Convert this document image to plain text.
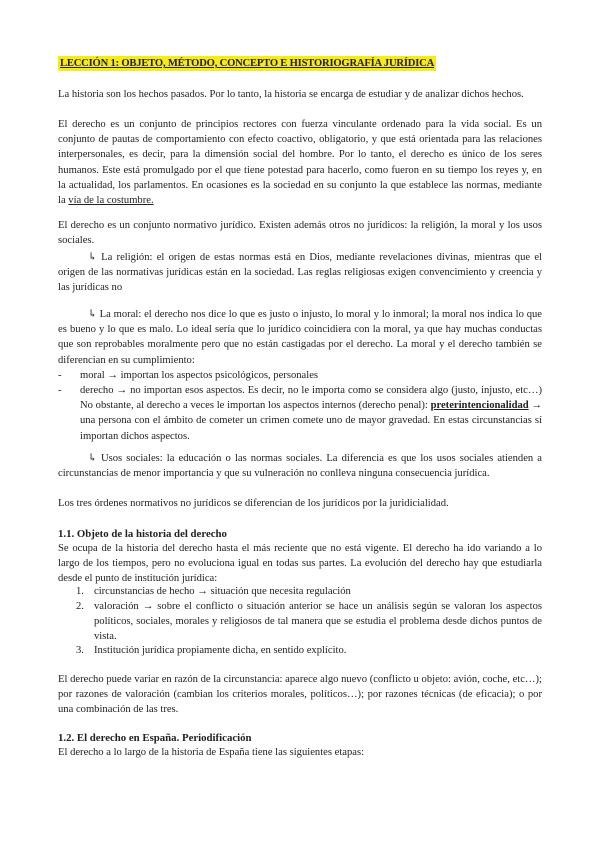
LECCIÓN 1: OBJETO, MÉTODO, CONCEPTO E HISTORIOGRAFÍA JURÍDICA

La historia son los hechos pasados. Por lo tanto, la historia se encarga de estudiar y de analizar dichos hechos.

El derecho es un conjunto de principios rectores con fuerza vinculante ordenado para la vida social. Es un conjunto de pautas de comportamiento con efecto coactivo, obligatorio, y que está orientada para las relaciones interpersonales, es decir, para la dimensión social del hombre. Por lo tanto, el derecho es único de los seres humanos. Este está promulgado por el que tiene potestad para hacerlo, como fueron en su tiempo los reyes y, en la actualidad, los parlamentos. En ocasiones es la sociedad en su conjunto la que establece las normas, mediante la vía de la costumbre.

El derecho es un conjunto normativo jurídico. Existen además otros no jurídicos: la religión, la moral y los usos sociales.

↳ La religión: el origen de estas normas está en Dios, mediante revelaciones divinas, mientras que el origen de las normativas jurídicas están en la sociedad. Las reglas religiosas exigen convencimiento y creencia y las jurídicas no

↳ La moral: el derecho nos dice lo que es justo o injusto, lo moral y lo inmoral; la moral nos indica lo que es bueno y lo que es malo. Lo ideal sería que lo jurídico coincidiera con la moral, ya que hay muchas conductas que son reprobables moralmente pero que no están castigadas por el derecho. La moral y el derecho también se diferencian en su cumplimiento:

- moral → importan los aspectos psicológicos, personales
- derecho → no importan esos aspectos. Es decir, no le importa como se considera algo (justo, injusto, etc…) No obstante, al derecho a veces le importan los aspectos internos (derecho penal): preterintencionalidad → una persona con el ámbito de cometer un crimen comete uno de mayor gravedad. En estas circunstancias sí importan dichos aspectos.

↳ Usos sociales: la educación o las normas sociales. La diferencia es que los usos sociales atienden a circunstancias de menor importancia y que su vulneración no conlleva ninguna consecuencia jurídica.

Los tres órdenes normativos no jurídicos se diferencian de los jurídicos por la juridicialidad.

1.1. Objeto de la historia del derecho

Se ocupa de la historia del derecho hasta el más reciente que no está vigente. El derecho ha ido variando a lo largo de los tiempos, pero no evoluciona igual en todas sus partes. La evolución del derecho hay que estudiarla desde el punto de institución jurídica:

1. circunstancias de hecho → situación que necesita regulación
2. valoración → sobre el conflicto o situación anterior se hace un análisis según se valoran los aspectos políticos, sociales, morales y religiosos de tal manera que se estudia el problema desde dichos puntos de vista.
3. Institución jurídica propiamente dicha, en sentido explícito.

El derecho puede variar en razón de la circunstancia: aparece algo nuevo (conflicto u objeto: avión, coche, etc…); por razones de valoración (cambian los criterios morales, políticos…); por razones técnicas (de eficacia); o por una combinación de las tres.

1.2. El derecho en España. Periodificación

El derecho a lo largo de la historia de España tiene las siguientes etapas:
